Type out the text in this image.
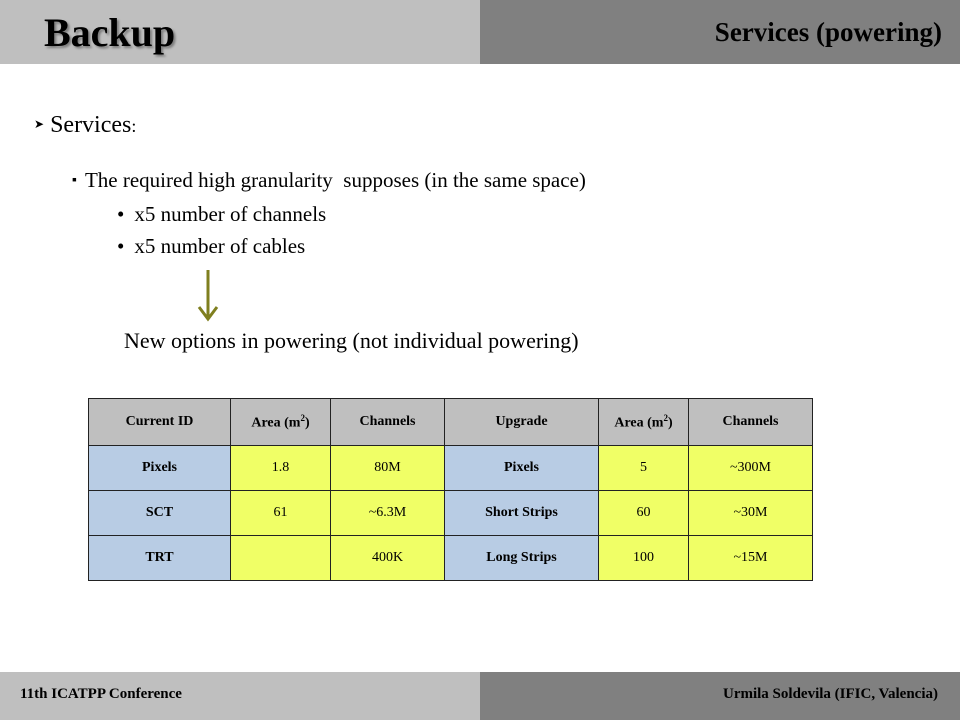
Backup	Services (powering)
➤ Services :
▪ The required high granularity  supposes (in the same space)
• x5 number of channels
• x5 number of cables
New options in powering (not individual powering)
Current ID	Area $(m^2)$	Channels	Upgrade	Area $(m^2)$	Channels
Pixels	1.8	80M	Pixels	5	~300M
SCT	61	~6.3M	Short Strips	60	~30M
TRT		400K	Long Strips	100	~15M
11th ICATPP Conference	Urmila Soldevila (IFIC, Valencia)
